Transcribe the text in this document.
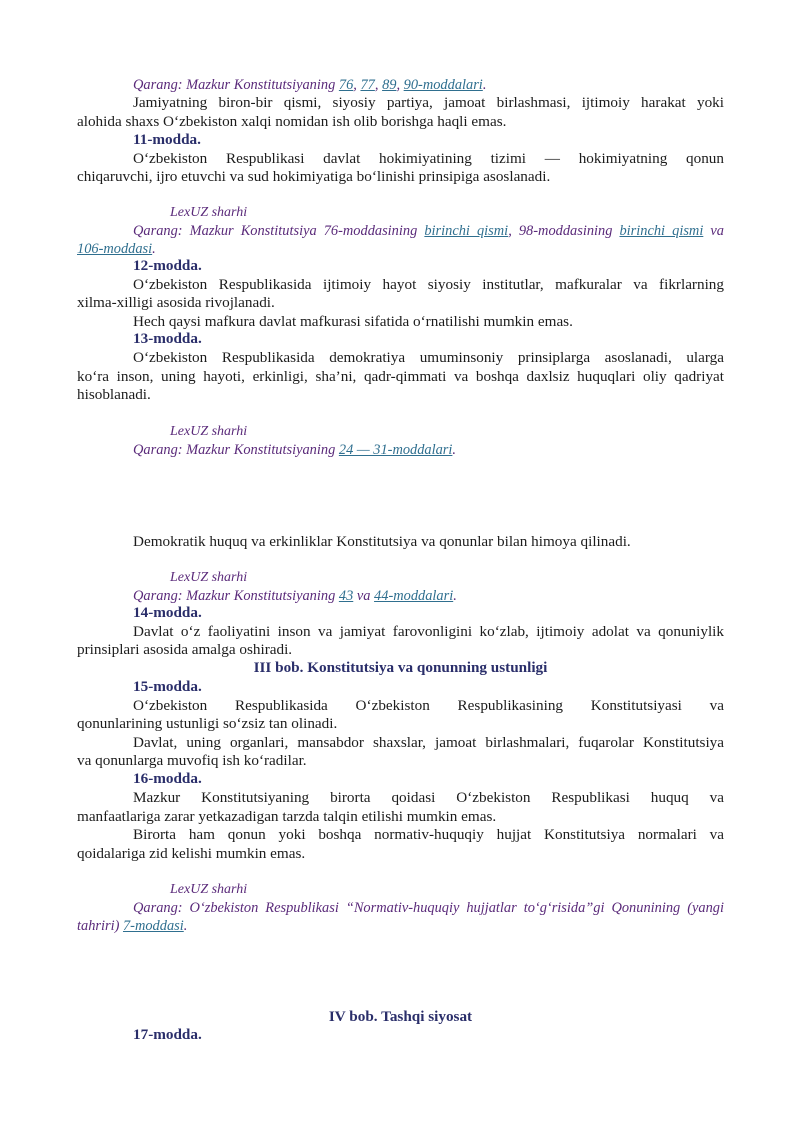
Qarang: Mazkur Konstitutsiyaning 76, 77, 89, 90-moddalari.
Jamiyatning biron-bir qismi, siyosiy partiya, jamoat birlashmasi, ijtimoiy harakat yoki
alohida shaxs O‘zbekiston xalqi nomidan ish olib borishga haqli emas.
11-modda.
O‘zbekiston Respublikasi davlat hokimiyatining tizimi — hokimiyatning qonun
chiqaruvchi, ijro etuvchi va sud hokimiyatiga bo‘linishi prinsipiga asoslanadi.
LexUZ sharhi
Qarang: Mazkur Konstitutsiya 76-moddasining birinchi qismi, 98-moddasining birinchi qismi va
106-moddasi.
12-modda.
O‘zbekiston Respublikasida ijtimoiy hayot siyosiy institutlar, mafkuralar va fikrlarning
xilma-xilligi asosida rivojlanadi.
Hech qaysi mafkura davlat mafkurasi sifatida o‘rnatilishi mumkin emas.
13-modda.
O‘zbekiston Respublikasida demokratiya umuminsoniy prinsiplarga asoslanadi, ularga
ko‘ra inson, uning hayoti, erkinligi, sha’ni, qadr-qimmati va boshqa daxlsiz huquqlari oliy qadriyat
hisoblanadi.
LexUZ sharhi
Qarang: Mazkur Konstitutsiyaning 24 — 31-moddalari.
Demokratik huquq va erkinliklar Konstitutsiya va qonunlar bilan himoya qilinadi.
LexUZ sharhi
Qarang: Mazkur Konstitutsiyaning 43 va 44-moddalari.
14-modda.
Davlat o‘z faoliyatini inson va jamiyat farovonligini ko‘zlab, ijtimoiy adolat va qonuniylik
prinsiplari asosida amalga oshiradi.
III bob. Konstitutsiya va qonunning ustunligi
15-modda.
O‘zbekiston Respublikasida O‘zbekiston Respublikasining Konstitutsiyasi va
qonunlarining ustunligi so‘zsiz tan olinadi.
Davlat, uning organlari, mansabdor shaxslar, jamoat birlashmalari, fuqarolar Konstitutsiya
va qonunlarga muvofiq ish ko‘radilar.
16-modda.
Mazkur Konstitutsiyaning birorta qoidasi O‘zbekiston Respublikasi huquq va
manfaatlariga zarar yetkazadigan tarzda talqin etilishi mumkin emas.
Birorta ham qonun yoki boshqa normativ-huquqiy hujjat Konstitutsiya normalari va
qoidalariga zid kelishi mumkin emas.
LexUZ sharhi
Qarang: O‘zbekiston Respublikasi “Normativ-huquqiy hujjatlar to‘g‘risida”gi Qonunining (yangi
tahriri) 7-moddasi.
IV bob. Tashqi siyosat
17-modda.
